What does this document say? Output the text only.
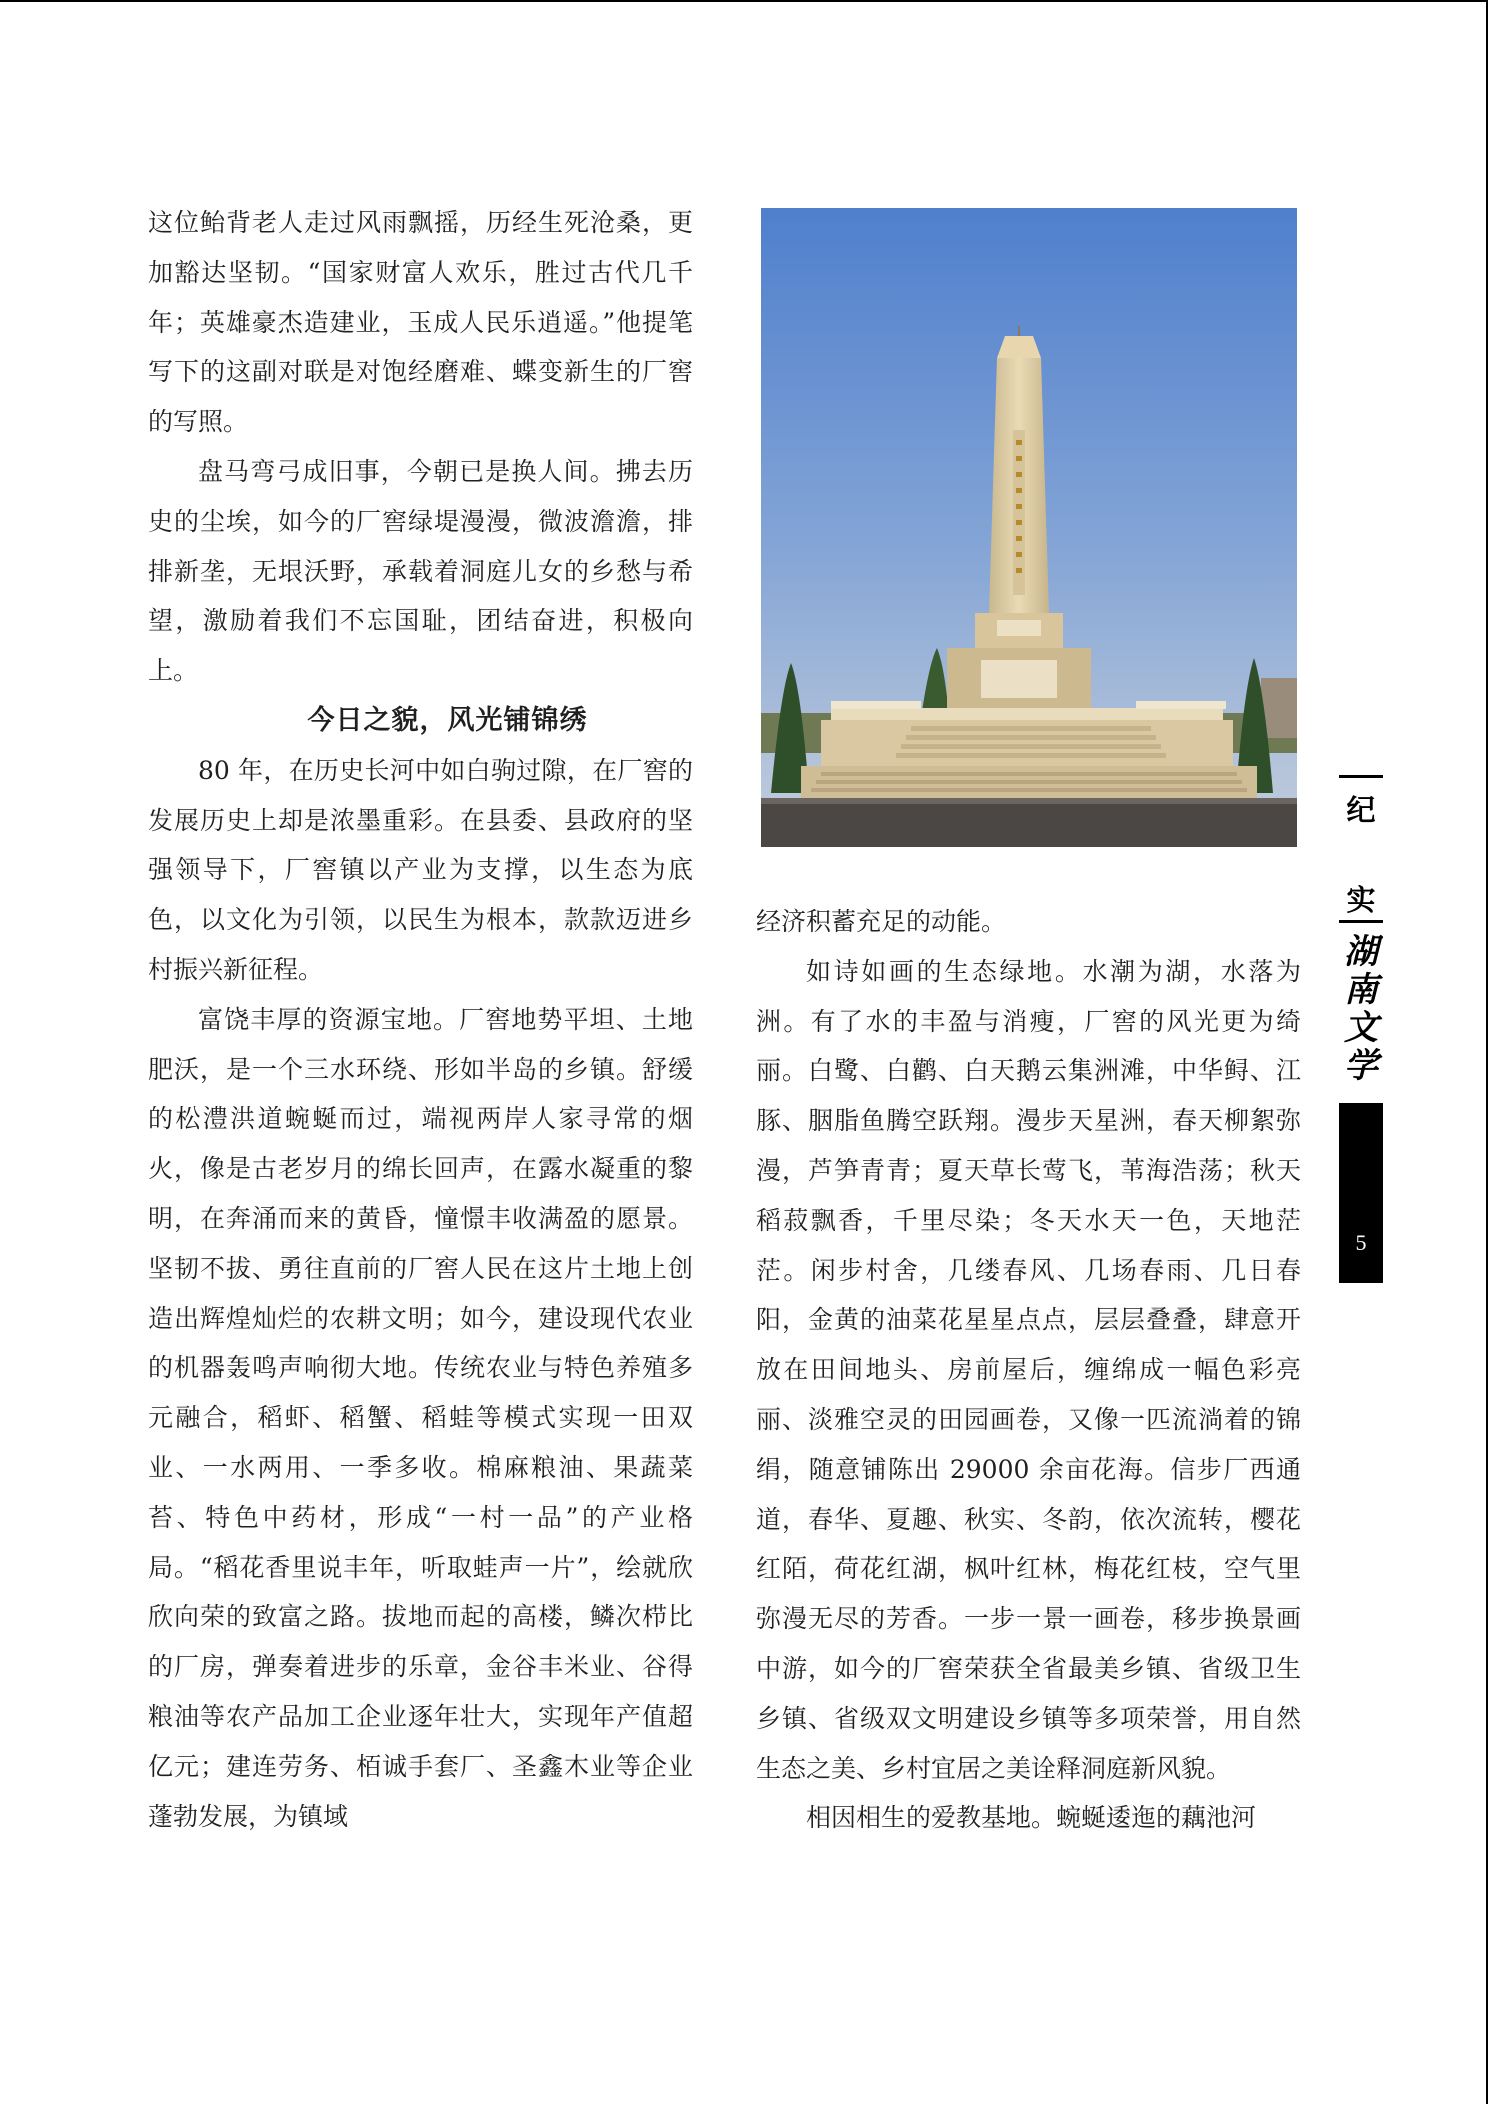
这位鲐背老人走过风雨飘摇，历经生死沧桑，更加豁达坚韧。“国家财富人欢乐，胜过古代几千年；英雄豪杰造建业，玉成人民乐逍遥。”他提笔写下的这副对联是对饱经磨难、蝶变新生的厂窖的写照。

盘马弯弓成旧事，今朝已是换人间。拂去历史的尘埃，如今的厂窖绿堤漫漫，微波澹澹，排排新垄，无垠沃野，承载着洞庭儿女的乡愁与希望，激励着我们不忘国耻，团结奋进，积极向上。

今日之貌，风光铺锦绣

80 年，在历史长河中如白驹过隙，在厂窖的发展历史上却是浓墨重彩。在县委、县政府的坚强领导下，厂窖镇以产业为支撑，以生态为底色，以文化为引领，以民生为根本，款款迈进乡村振兴新征程。

富饶丰厚的资源宝地。厂窖地势平坦、土地肥沃，是一个三水环绕、形如半岛的乡镇。舒缓的松澧洪道蜿蜒而过，端视两岸人家寻常的烟火，像是古老岁月的绵长回声，在露水凝重的黎明，在奔涌而来的黄昏，憧憬丰收满盈的愿景。坚韧不拔、勇往直前的厂窖人民在这片土地上创造出辉煌灿烂的农耕文明；如今，建设现代农业的机器轰鸣声响彻大地。传统农业与特色养殖多元融合，稻虾、稻蟹、稻蛙等模式实现一田双业、一水两用、一季多收。棉麻粮油、果蔬菜苔、特色中药材，形成“一村一品”的产业格局。“稻花香里说丰年，听取蛙声一片”，绘就欣欣向荣的致富之路。拔地而起的高楼，鳞次栉比的厂房，弹奏着进步的乐章，金谷丰米业、谷得粮油等农产品加工企业逐年壮大，实现年产值超亿元；建连劳务、栢诚手套厂、圣鑫木业等企业蓬勃发展，为镇域

经济积蓄充足的动能。

如诗如画的生态绿地。水潮为湖，水落为洲。有了水的丰盈与消瘦，厂窖的风光更为绮丽。白鹭、白鹳、白天鹅云集洲滩，中华鲟、江豚、胭脂鱼腾空跃翔。漫步天星洲，春天柳絮弥漫，芦笋青青；夏天草长莺飞，苇海浩荡；秋天稻菽飘香，千里尽染；冬天水天一色，天地茫茫。闲步村舍，几缕春风、几场春雨、几日春阳，金黄的油菜花星星点点，层层叠叠，肆意开放在田间地头、房前屋后，缠绵成一幅色彩亮丽、淡雅空灵的田园画卷，又像一匹流淌着的锦绢，随意铺陈出 29000 余亩花海。信步厂西通道，春华、夏趣、秋实、冬韵，依次流转，樱花红陌，荷花红湖，枫叶红林，梅花红枝，空气里弥漫无尽的芳香。一步一景一画卷，移步换景画中游，如今的厂窖荣获全省最美乡镇、省级卫生乡镇、省级双文明建设乡镇等多项荣誉，用自然生态之美、乡村宜居之美诠释洞庭新风貌。

相因相生的爱教基地。蜿蜒逶迤的藕池河

纪
实
湖南文学
5
